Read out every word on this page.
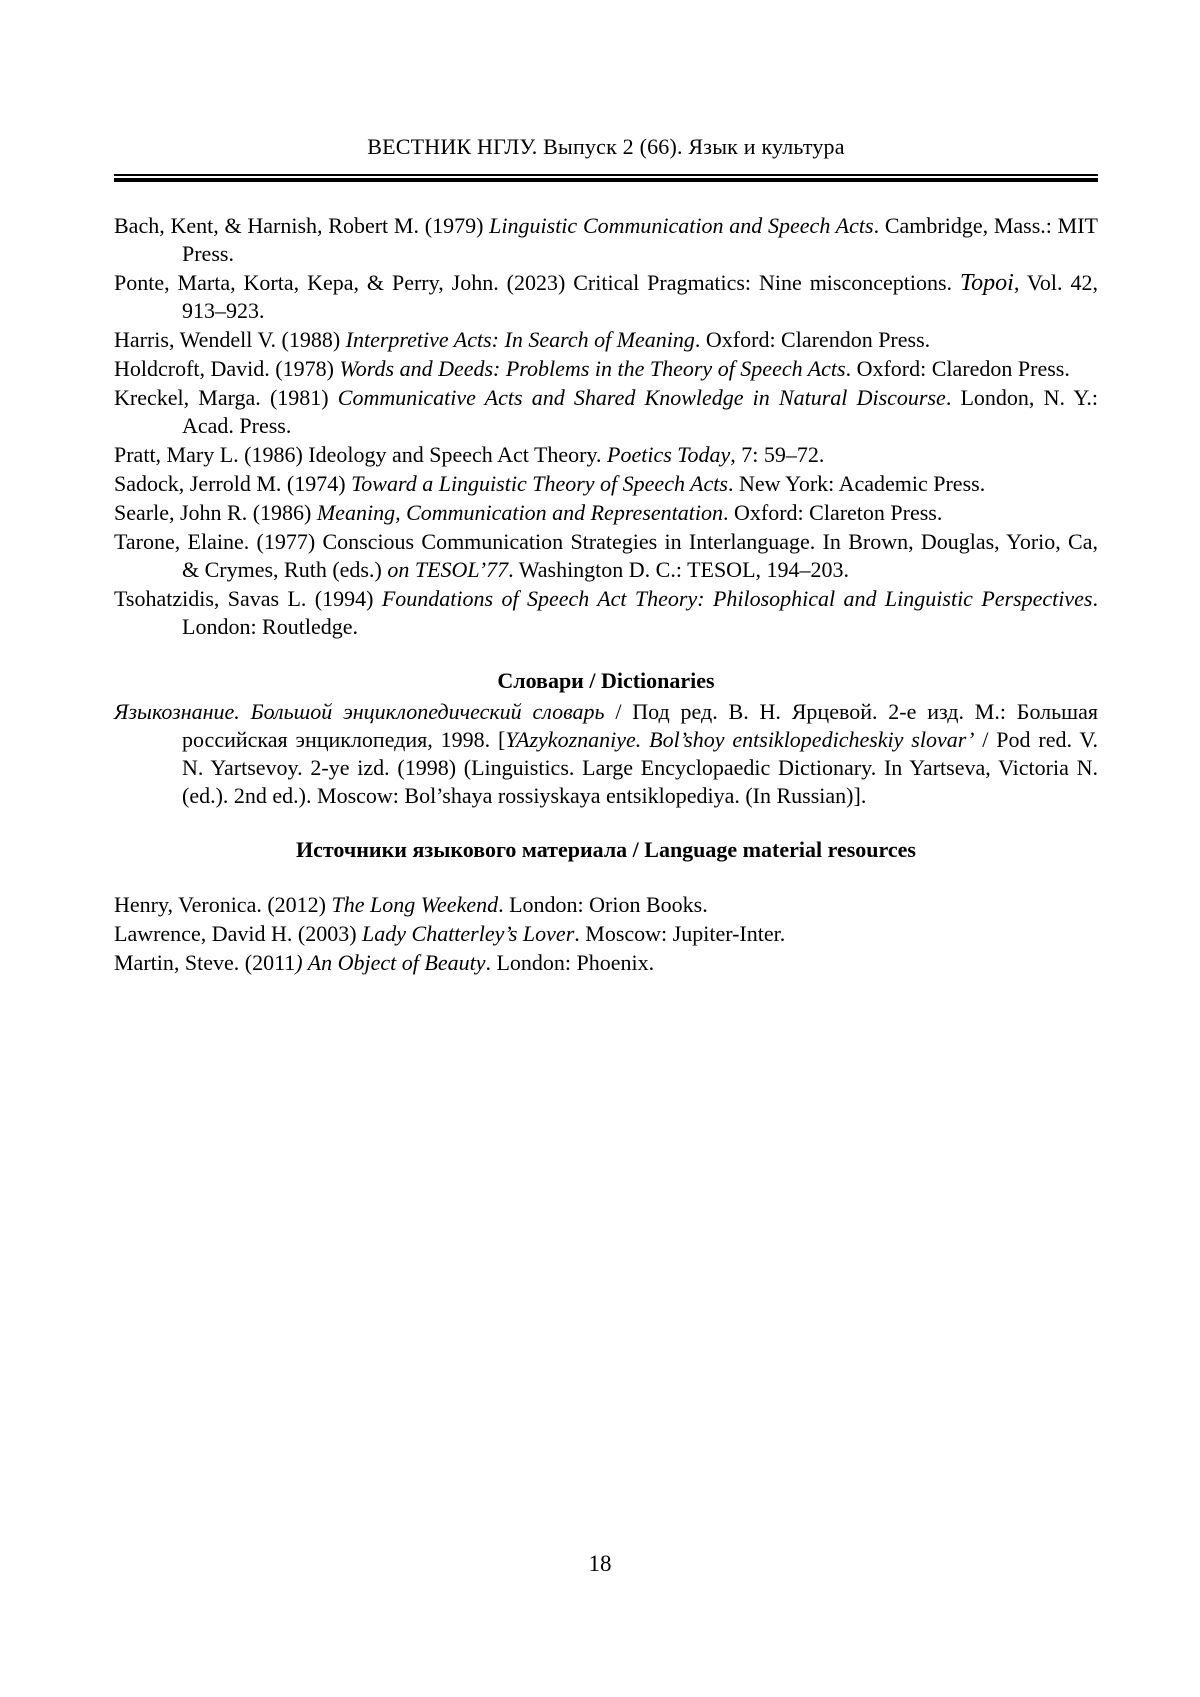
ВЕСТНИК НГЛУ. Выпуск 2 (66). Язык и культура

Bach, Kent, & Harnish, Robert M. (1979) Linguistic Communication and Speech Acts. Cambridge, Mass.: MIT Press.

Ponte, Marta, Korta, Kepa, & Perry, John. (2023) Critical Pragmatics: Nine misconceptions. Topoi, Vol. 42, 913–923.

Harris, Wendell V. (1988) Interpretive Acts: In Search of Meaning. Oxford: Clarendon Press.

Holdcroft, David. (1978) Words and Deeds: Problems in the Theory of Speech Acts. Oxford: Claredon Press.

Kreckel, Marga. (1981) Communicative Acts and Shared Knowledge in Natural Discourse. London, N. Y.: Acad. Press.

Pratt, Mary L. (1986) Ideology and Speech Act Theory. Poetics Today, 7: 59–72.

Sadock, Jerrold M. (1974) Toward a Linguistic Theory of Speech Acts. New York: Academic Press.

Searle, John R. (1986) Meaning, Communication and Representation. Oxford: Clareton Press.

Tarone, Elaine. (1977) Conscious Communication Strategies in Interlanguage. In Brown, Douglas, Yorio, Ca, & Crymes, Ruth (eds.) on TESOL’77. Washington D. C.: TESOL, 194–203.

Tsohatzidis, Savas L. (1994) Foundations of Speech Act Theory: Philosophical and Linguistic Perspectives. London: Routledge.

Словари / Dictionaries

Языкознание. Большой энциклопедический словарь / Под ред. В. Н. Ярцевой. 2-е изд. М.: Большая российская энциклопедия, 1998. [YAzykoznaniye. Bol’shoy entsiklopedicheskiy slovar’ / Pod red. V. N. Yartsevoy. 2-ye izd. (1998) (Linguistics. Large Encyclopaedic Dictionary. In Yartseva, Victoria N. (ed.). 2nd ed.). Moscow: Bol’shaya rossiyskaya entsiklopediya. (In Russian)].

Источники языкового материала / Language material resources

Henry, Veronica. (2012) The Long Weekend. London: Orion Books.

Lawrence, David H. (2003) Lady Chatterley’s Lover. Moscow: Jupiter-Inter.

Martin, Steve. (2011) An Object of Beauty. London: Phoenix.

18
